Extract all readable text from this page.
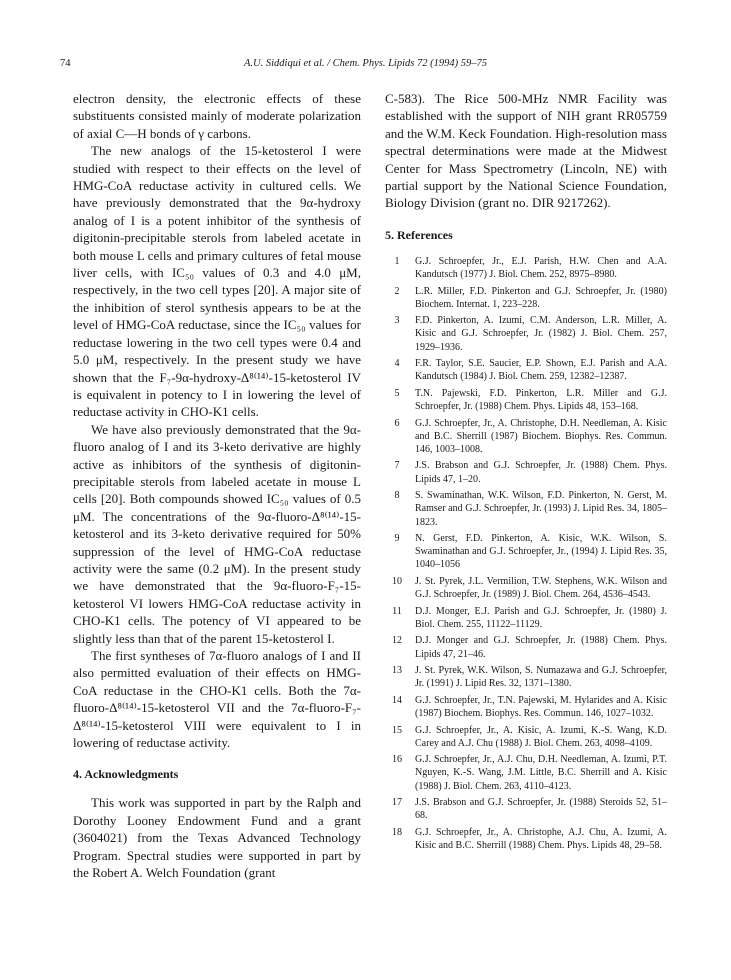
74	A.U. Siddiqui et al. / Chem. Phys. Lipids 72 (1994) 59–75

electron density, the electronic effects of these substituents consisted mainly of moderate polarization of axial C—H bonds of γ carbons.

The new analogs of the 15-ketosterol I were studied with respect to their effects on the level of HMG-CoA reductase activity in cultured cells. We have previously demonstrated that the 9α-hydroxy analog of I is a potent inhibitor of the synthesis of digitonin-precipitable sterols from labeled acetate in both mouse L cells and primary cultures of fetal mouse liver cells, with IC₅₀ values of 0.3 and 4.0 μM, respectively, in the two cell types [20]. A major site of the inhibition of sterol synthesis appears to be at the level of HMG-CoA reductase, since the IC₅₀ values for reductase lowering in the two cell types were 0.4 and 5.0 μM, respectively. In the present study we have shown that the F₇-9α-hydroxy-Δ⁸⁽¹⁴⁾-15-ketosterol IV is equivalent in potency to I in lowering the level of reductase activity in CHO-K1 cells.

We have also previously demonstrated that the 9α-fluoro analog of I and its 3-keto derivative are highly active as inhibitors of the synthesis of digitonin-precipitable sterols from labeled acetate in mouse L cells [20]. Both compounds showed IC₅₀ values of 0.5 μM. The concentrations of the 9α-fluoro-Δ⁸⁽¹⁴⁾-15-ketosterol and its 3-keto derivative required for 50% suppression of the level of HMG-CoA reductase activity were the same (0.2 μM). In the present study we have demonstrated that the 9α-fluoro-F₇-15-ketosterol VI lowers HMG-CoA reductase activity in CHO-K1 cells. The potency of VI appeared to be slightly less than that of the parent 15-ketosterol I.

The first syntheses of 7α-fluoro analogs of I and II also permitted evaluation of their effects on HMG-CoA reductase in the CHO-K1 cells. Both the 7α-fluoro-Δ⁸⁽¹⁴⁾-15-ketosterol VII and the 7α-fluoro-F₇-Δ⁸⁽¹⁴⁾-15-ketosterol VIII were equivalent to I in lowering of reductase activity.

4. Acknowledgments

This work was supported in part by the Ralph and Dorothy Looney Endowment Fund and a grant (3604021) from the Texas Advanced Technology Program. Spectral studies were supported in part by the Robert A. Welch Foundation (grant

C-583). The Rice 500-MHz NMR Facility was established with the support of NIH grant RR05759 and the W.M. Keck Foundation. High-resolution mass spectral determinations were made at the Midwest Center for Mass Spectrometry (Lincoln, NE) with partial support by the National Science Foundation, Biology Division (grant no. DIR 9217262).

5. References
1	G.J. Schroepfer, Jr., E.J. Parish, H.W. Chen and A.A. Kandutsch (1977) J. Biol. Chem. 252, 8975–8980.
2	L.R. Miller, F.D. Pinkerton and G.J. Schroepfer, Jr. (1980) Biochem. Internat. 1, 223–228.
3	F.D. Pinkerton, A. Izumi, C.M. Anderson, L.R. Miller, A. Kisic and G.J. Schroepfer, Jr. (1982) J. Biol. Chem. 257, 1929–1936.
4	F.R. Taylor, S.E. Saucier, E.P. Shown, E.J. Parish and A.A. Kandutsch (1984) J. Biol. Chem. 259, 12382–12387.
5	T.N. Pajewski, F.D. Pinkerton, L.R. Miller and G.J. Schroepfer, Jr. (1988) Chem. Phys. Lipids 48, 153–168.
6	G.J. Schroepfer, Jr., A. Christophe, D.H. Needleman, A. Kisic and B.C. Sherrill (1987) Biochem. Biophys. Res. Commun. 146, 1003–1008.
7	J.S. Brabson and G.J. Schroepfer, Jr. (1988) Chem. Phys. Lipids 47, 1–20.
8	S. Swaminathan, W.K. Wilson, F.D. Pinkerton, N. Gerst, M. Ramser and G.J. Schroepfer, Jr. (1993) J. Lipid Res. 34, 1805–1823.
9	N. Gerst, F.D. Pinkerton, A. Kisic, W.K. Wilson, S. Swaminathan and G.J. Schroepfer, Jr., (1994) J. Lipid Res. 35, 1040–1056
10	J. St. Pyrek, J.L. Vermilion, T.W. Stephens, W.K. Wilson and G.J. Schroepfer, Jr. (1989) J. Biol. Chem. 264, 4536–4543.
11	D.J. Monger, E.J. Parish and G.J. Schroepfer, Jr. (1980) J. Biol. Chem. 255, 11122–11129.
12	D.J. Monger and G.J. Schroepfer, Jr. (1988) Chem. Phys. Lipids 47, 21–46.
13	J. St. Pyrek, W.K. Wilson, S. Numazawa and G.J. Schroepfer, Jr. (1991) J. Lipid Res. 32, 1371–1380.
14	G.J. Schroepfer, Jr., T.N. Pajewski, M. Hylarides and A. Kisic (1987) Biochem. Biophys. Res. Commun. 146, 1027–1032.
15	G.J. Schroepfer, Jr., A. Kisic, A. Izumi, K.-S. Wang, K.D. Carey and A.J. Chu (1988) J. Biol. Chem. 263, 4098–4109.
16	G.J. Schroepfer, Jr., A.J. Chu, D.H. Needleman, A. Izumi, P.T. Nguyen, K.-S. Wang, J.M. Little, B.C. Sherrill and A. Kisic (1988) J. Biol. Chem. 263, 4110–4123.
17	J.S. Brabson and G.J. Schroepfer, Jr. (1988) Steroids 52, 51–68.
18	G.J. Schroepfer, Jr., A. Christophe, A.J. Chu, A. Izumi, A. Kisic and B.C. Sherrill (1988) Chem. Phys. Lipids 48, 29–58.
